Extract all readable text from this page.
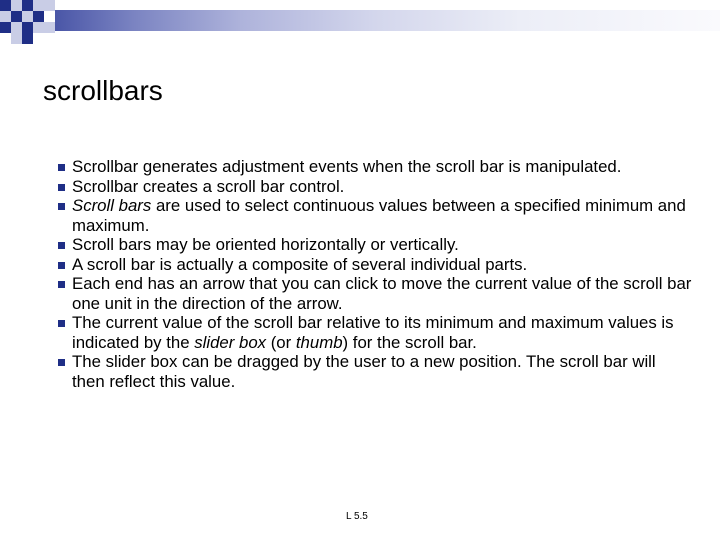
scrollbars
Scrollbar generates adjustment events when the scroll bar is manipulated.
Scrollbar creates a scroll bar control.
Scroll bars are used to select continuous values between a specified minimum and maximum.
Scroll bars may be oriented horizontally or vertically.
A scroll bar is actually a composite of several individual parts.
Each end has an arrow that you can click to move the current value of the scroll bar one unit in the direction of the arrow.
The current value of the scroll bar relative to its minimum and maximum values is indicated by the slider box (or thumb) for the scroll bar.
The slider box can be dragged by the user to a new position. The scroll bar will then reflect this value.
L 5.5
